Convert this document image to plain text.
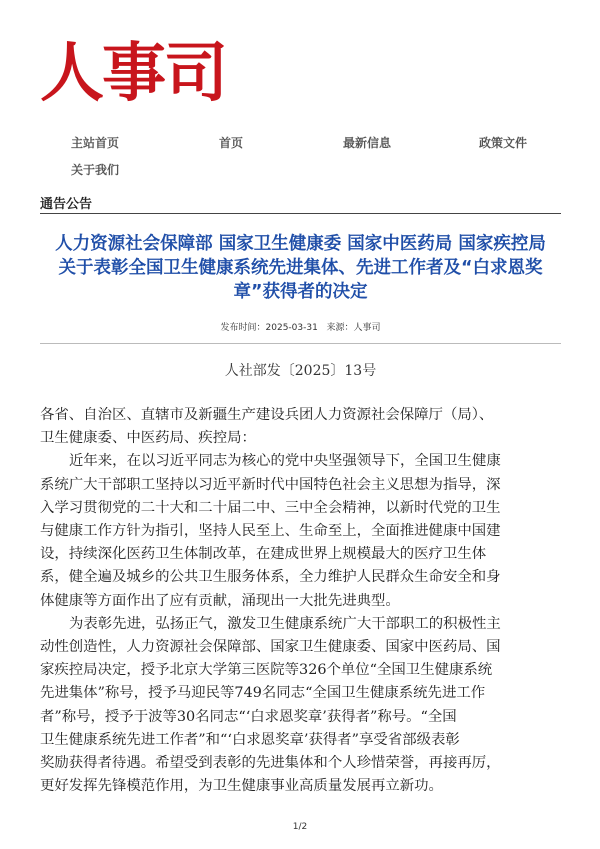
人事司
主站首页	首页	最新信息	政策文件
关于我们
通告公告
人力资源社会保障部 国家卫生健康委 国家中医药局 国家疾控局
关于表彰全国卫生健康系统先进集体、先进工作者及“白求恩奖
章”获得者的决定
发布时间：2025-03-31 来源：人事司
人社部发〔2025〕13号
各省、自治区、直辖市及新疆生产建设兵团人力资源社会保障厅（局）、
卫生健康委、中医药局、疾控局：
近年来，在以习近平同志为核心的党中央坚强领导下，全国卫生健康
系统广大干部职工坚持以习近平新时代中国特色社会主义思想为指导，深
入学习贯彻党的二十大和二十届二中、三中全会精神，以新时代党的卫生
与健康工作方针为指引，坚持人民至上、生命至上，全面推进健康中国建
设，持续深化医药卫生体制改革，在建成世界上规模最大的医疗卫生体
系，健全遍及城乡的公共卫生服务体系，全力维护人民群众生命安全和身
体健康等方面作出了应有贡献，涌现出一大批先进典型。
为表彰先进，弘扬正气，激发卫生健康系统广大干部职工的积极性主
动性创造性，人力资源社会保障部、国家卫生健康委、国家中医药局、国
家疾控局决定，授予北京大学第三医院等326个单位“全国卫生健康系统
先进集体”称号，授予马迎民等749名同志“全国卫生健康系统先进工作
者”称号，授予于波等30名同志“‘白求恩奖章’获得者”称号。“全国
卫生健康系统先进工作者”和“‘白求恩奖章’获得者”享受省部级表彰
奖励获得者待遇。希望受到表彰的先进集体和个人珍惜荣誉，再接再厉，
更好发挥先锋模范作用，为卫生健康事业高质量发展再立新功。
1/2
